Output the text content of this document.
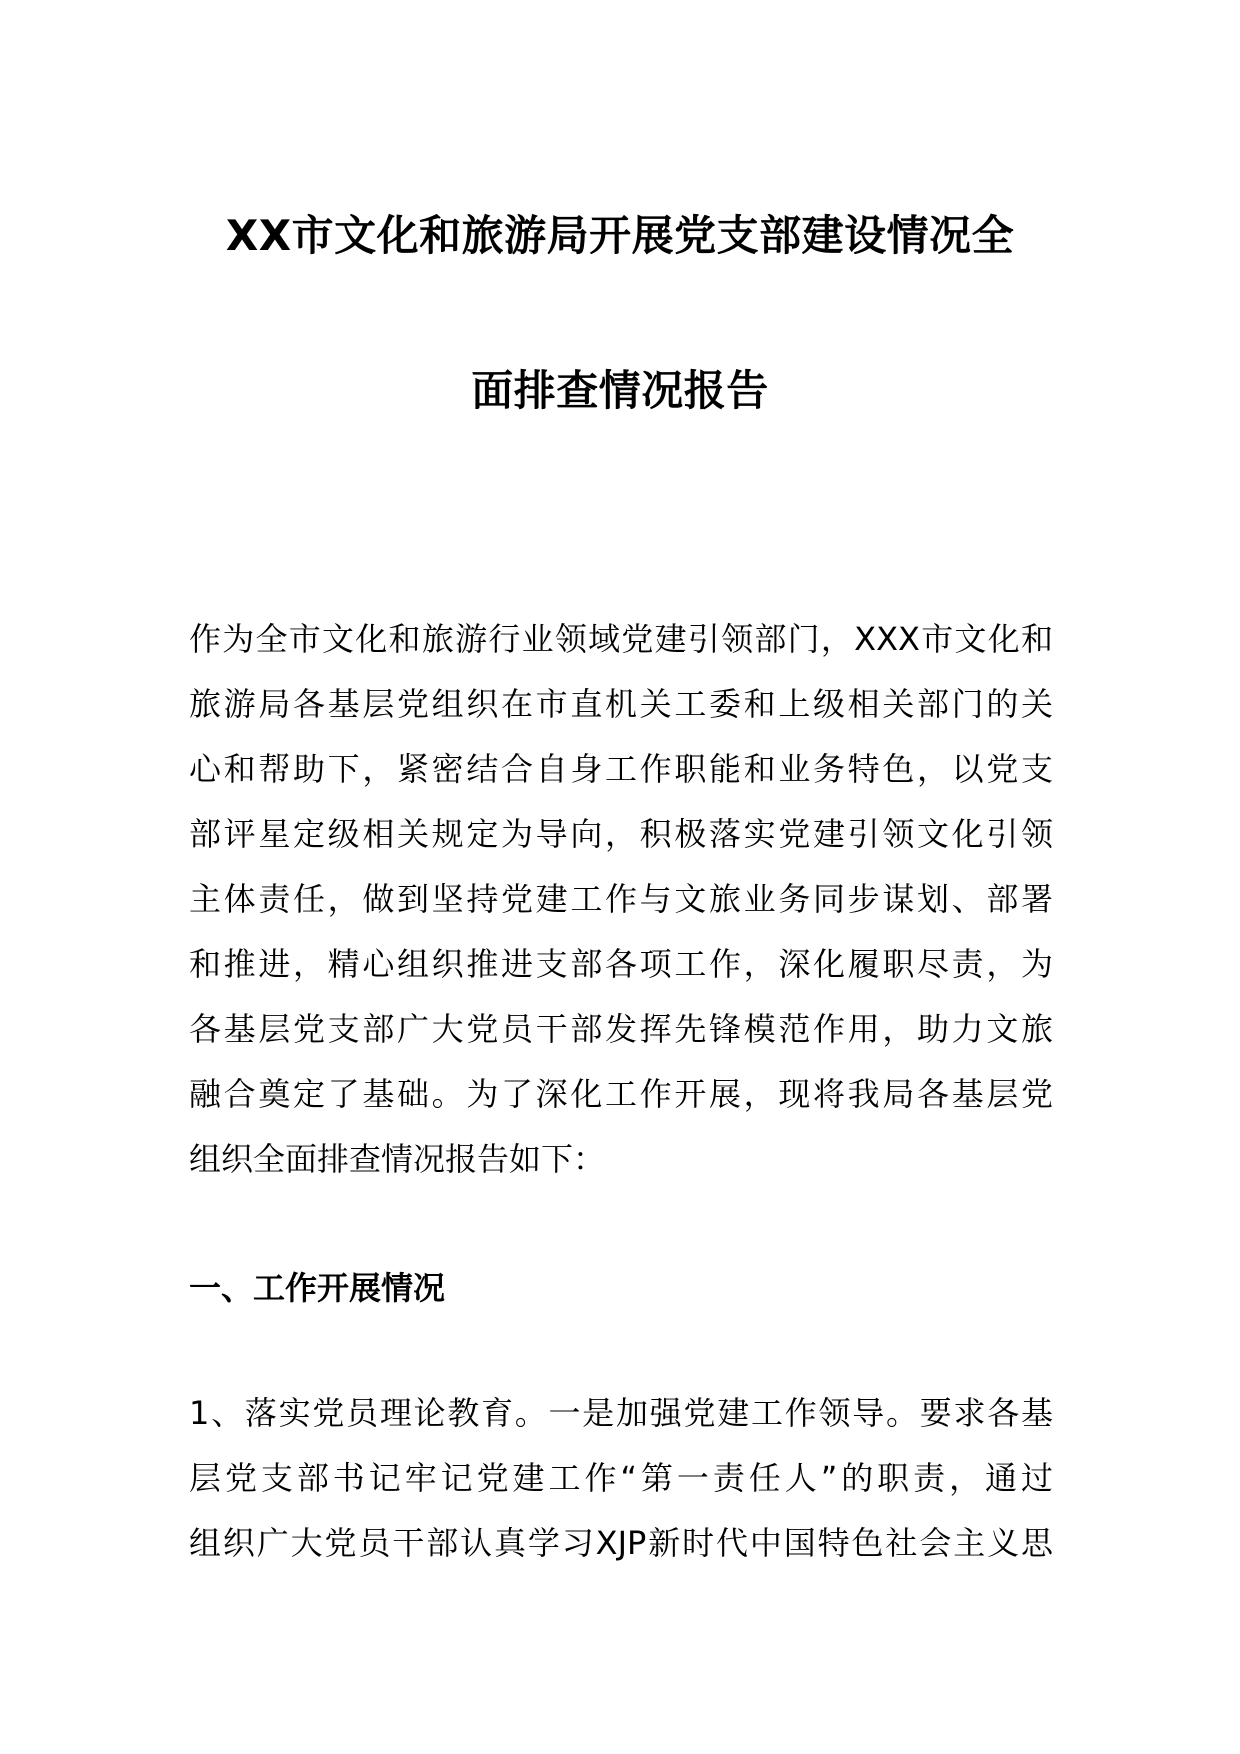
XX市文化和旅游局开展党支部建设情况全
面排查情况报告

作为全市文化和旅游行业领域党建引领部门，XXX市文化和
旅游局各基层党组织在市直机关工委和上级相关部门的关
心和帮助下，紧密结合自身工作职能和业务特色，以党支
部评星定级相关规定为导向，积极落实党建引领文化引领
主体责任，做到坚持党建工作与文旅业务同步谋划、部署
和推进，精心组织推进支部各项工作，深化履职尽责，为
各基层党支部广大党员干部发挥先锋模范作用，助力文旅
融合奠定了基础。为了深化工作开展，现将我局各基层党
组织全面排查情况报告如下：

一、工作开展情况

1、落实党员理论教育。一是加强党建工作领导。要求各基
层党支部书记牢记党建工作“第一责任人”的职责，通过
组织广大党员干部认真学习XJP新时代中国特色社会主义思
